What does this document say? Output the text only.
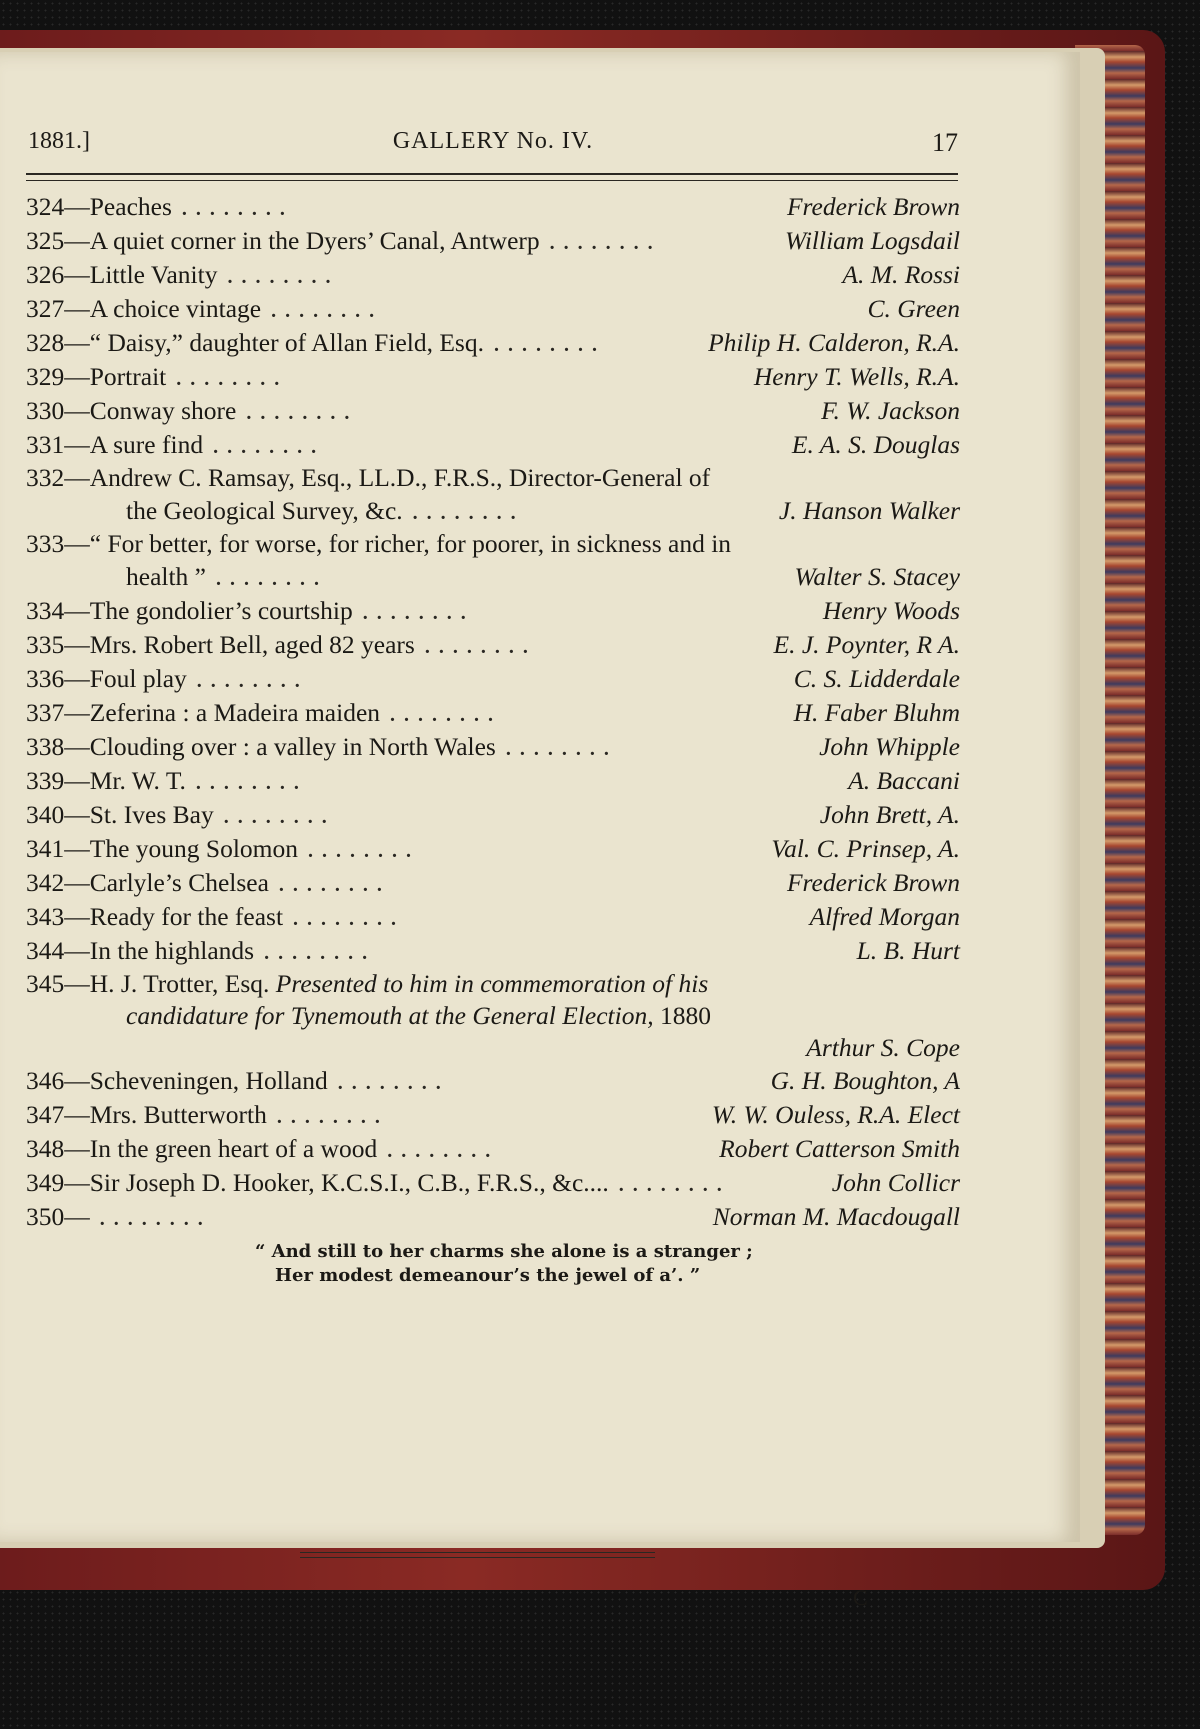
1881.]	GALLERY No. IV.	17
324—Peaches ........	Frederick Brown
325—A quiet corner in the Dyers’ Canal, Antwerp ........	William Logsdail
326—Little Vanity ........	A. M. Rossi
327—A choice vintage ........	C. Green
328—“ Daisy,” daughter of Allan Field, Esq. ........	Philip H. Calderon, R.A.
329—Portrait ........	Henry T. Wells, R.A.
330—Conway shore ........	F. W. Jackson
331—A sure find ........	E. A. S. Douglas
332—Andrew C. Ramsay, Esq., LL.D., F.R.S., Director-General of
the Geological Survey, &c. ........	J. Hanson Walker
333—“ For better, for worse, for richer, for poorer, in sickness and in
health ” ........	Walter S. Stacey
334—The gondolier’s courtship ........	Henry Woods
335—Mrs. Robert Bell, aged 82 years ........	E. J. Poynter, R A.
336—Foul play ........	C. S. Lidderdale
337—Zeferina : a Madeira maiden ........	H. Faber Bluhm
338—Clouding over : a valley in North Wales ........	John Whipple
339—Mr. W. T. ........	A. Baccani
340—St. Ives Bay ........	John Brett, A.
341—The young Solomon ........	Val. C. Prinsep, A.
342—Carlyle’s Chelsea ........	Frederick Brown
343—Ready for the feast ........	Alfred Morgan
344—In the highlands ........	L. B. Hurt
345—H. J. Trotter, Esq. Presented to him in commemoration of his
candidature for Tynemouth at the General Election, 1880
Arthur S. Cope
346—Scheveningen, Holland ........	G. H. Boughton, A
347—Mrs. Butterworth ........	W. W. Ouless, R.A. Elect
348—In the green heart of a wood ........	Robert Catterson Smith
349—Sir Joseph D. Hooker, K.C.S.I., C.B., F.R.S., &c.... ........	John Collicr
350— ........	Norman M. Macdougall
“ And still to her charms she alone is a stranger ;
Her modest demeanour’s the jewel of a’. ”
C
